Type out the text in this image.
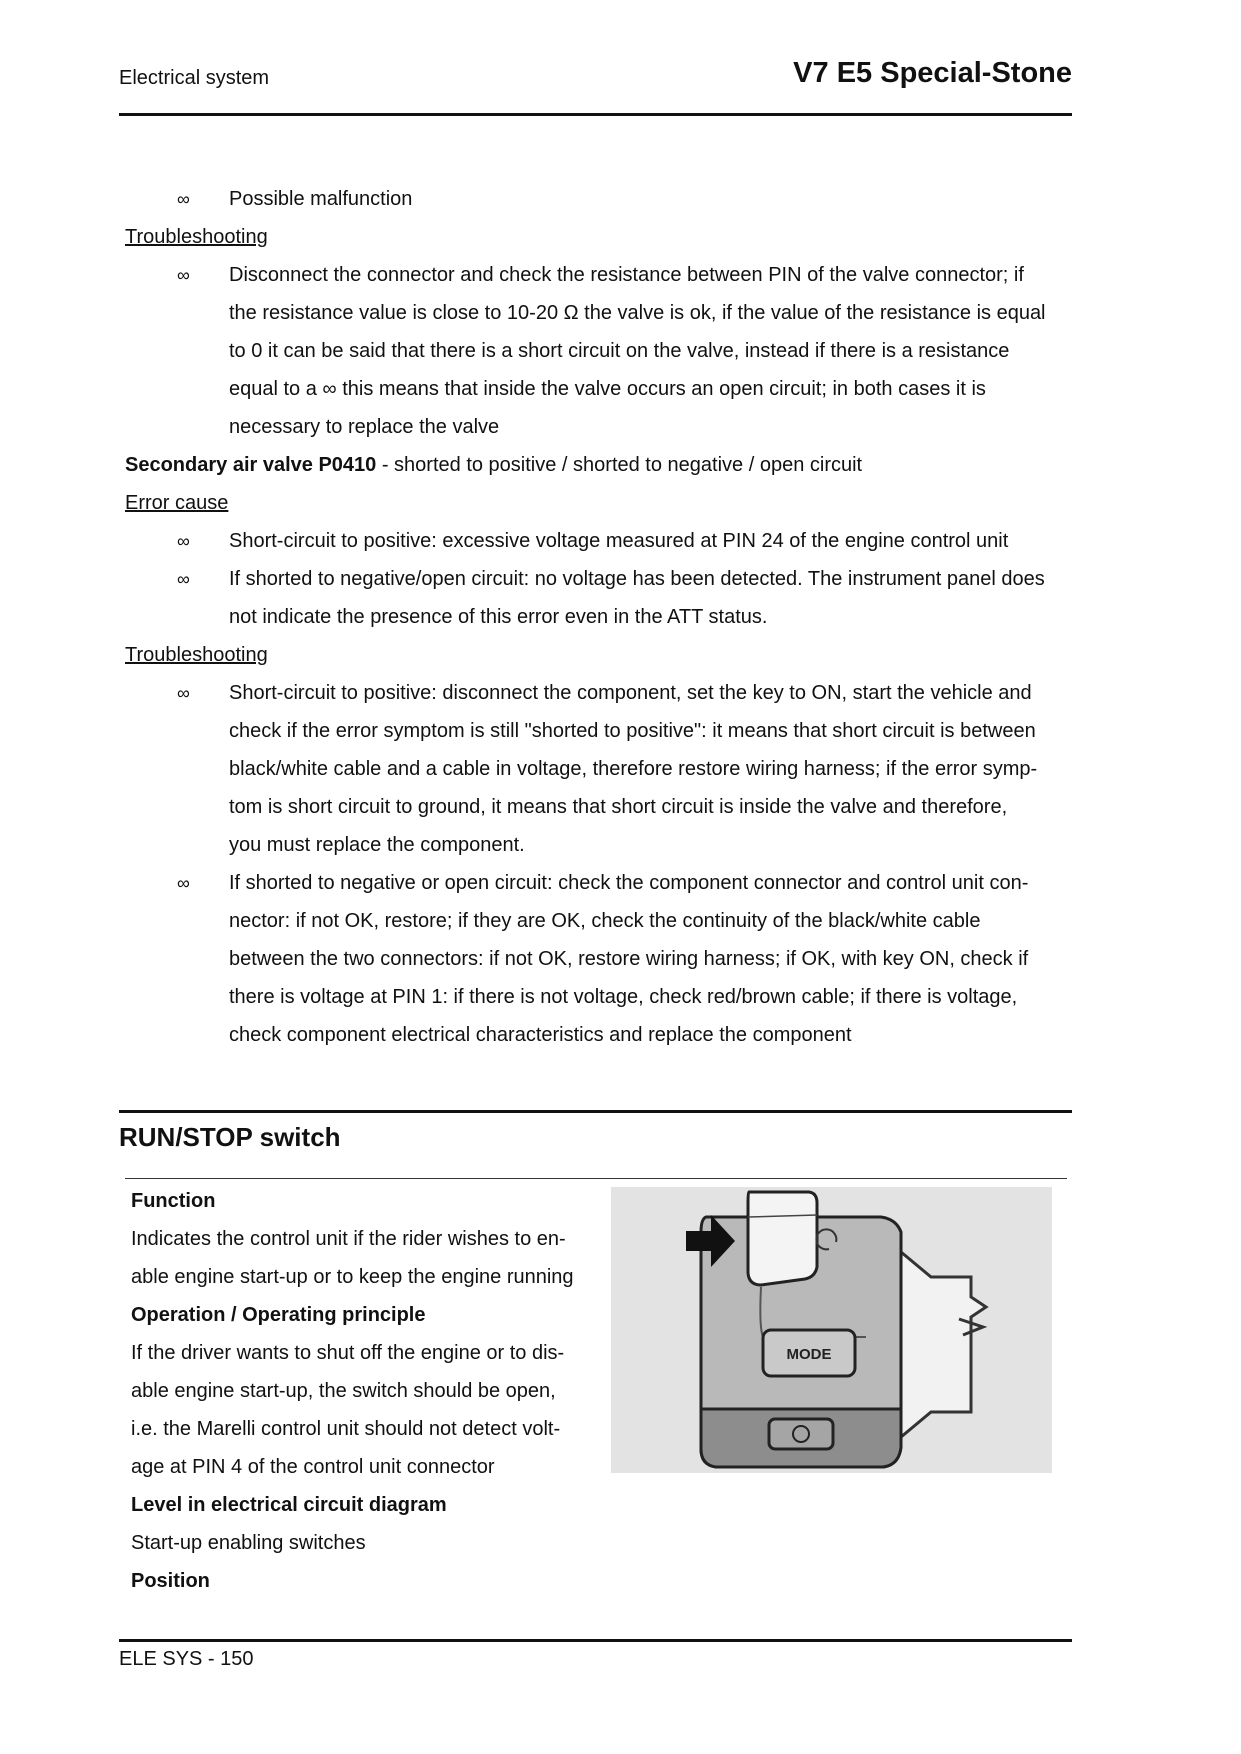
Electrical system	V7 E5 Special-Stone
∞ Possible malfunction
Troubleshooting
∞ Disconnect the connector and check the resistance between PIN of the valve connector; if
the resistance value is close to 10-20 Ω the valve is ok, if the value of the resistance is equal
to 0 it can be said that there is a short circuit on the valve, instead if there is a resistance
equal to a ∞ this means that inside the valve occurs an open circuit; in both cases it is
necessary to replace the valve
Secondary air valve P0410 - shorted to positive / shorted to negative / open circuit
Error cause
∞ Short-circuit to positive: excessive voltage measured at PIN 24 of the engine control unit
∞ If shorted to negative/open circuit: no voltage has been detected. The instrument panel does
not indicate the presence of this error even in the ATT status.
Troubleshooting
∞ Short-circuit to positive: disconnect the component, set the key to ON, start the vehicle and
check if the error symptom is still "shorted to positive": it means that short circuit is between
black/white cable and a cable in voltage, therefore restore wiring harness; if the error symp-
tom is short circuit to ground, it means that short circuit is inside the valve and therefore,
you must replace the component.
∞ If shorted to negative or open circuit: check the component connector and control unit con-
nector: if not OK, restore; if they are OK, check the continuity of the black/white cable
between the two connectors: if not OK, restore wiring harness; if OK, with key ON, check if
there is voltage at PIN 1: if there is not voltage, check red/brown cable; if there is voltage,
check component electrical characteristics and replace the component
RUN/STOP switch
Function
Indicates the control unit if the rider wishes to en-
able engine start-up or to keep the engine running
Operation / Operating principle
If the driver wants to shut off the engine or to dis-
able engine start-up, the switch should be open,
i.e. the Marelli control unit should not detect volt-
age at PIN 4 of the control unit connector
Level in electrical circuit diagram
Start-up enabling switches
Position
MODE
ELE SYS - 150
